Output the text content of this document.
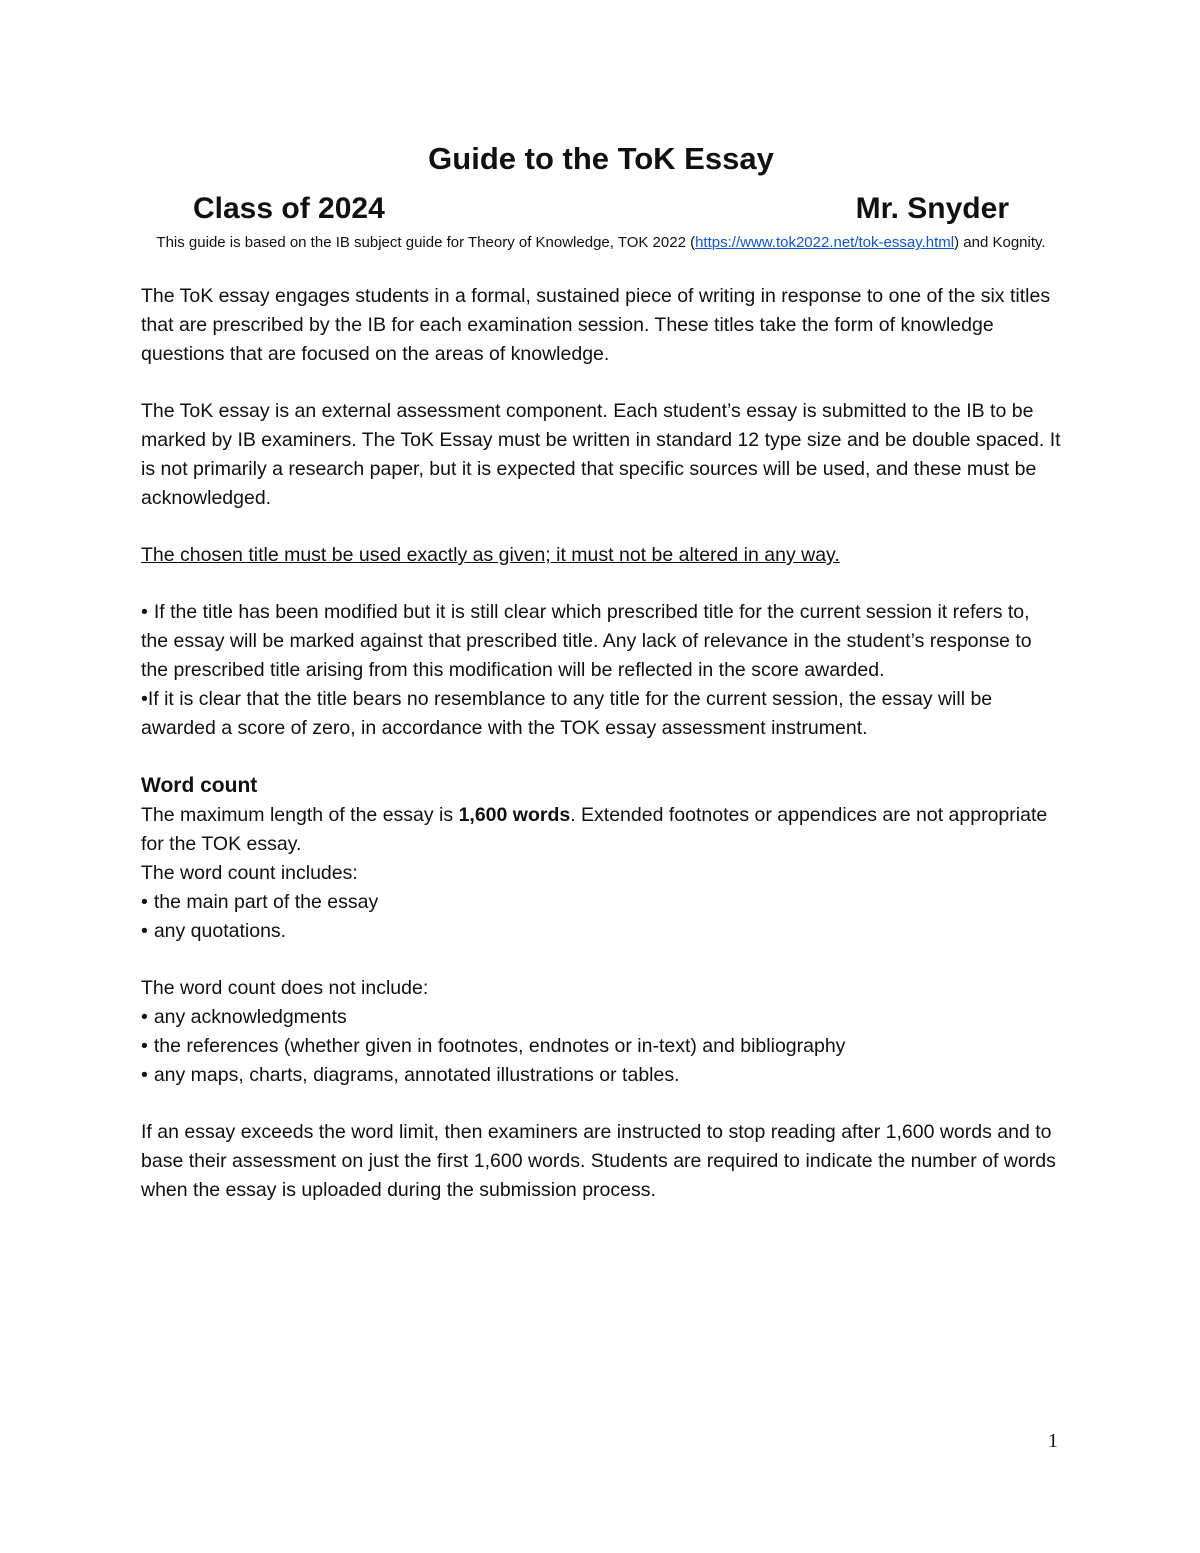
Guide to the ToK Essay
Class of 2024	Mr. Snyder
This guide is based on the IB subject guide for Theory of Knowledge, TOK 2022 (https://www.tok2022.net/tok-essay.html) and Kognity.

The ToK essay engages students in a formal, sustained piece of writing in response to one of the six titles that are prescribed by the IB for each examination session. These titles take the form of knowledge questions that are focused on the areas of knowledge.

The ToK essay is an external assessment component. Each student’s essay is submitted to the IB to be marked by IB examiners. The ToK Essay must be written in standard 12 type size and be double spaced. It is not primarily a research paper, but it is expected that specific sources will be used, and these must be acknowledged.

The chosen title must be used exactly as given; it must not be altered in any way.

• If the title has been modified but it is still clear which prescribed title for the current session it refers to, the essay will be marked against that prescribed title. Any lack of relevance in the student’s response to the prescribed title arising from this modification will be reflected in the score awarded.

•If it is clear that the title bears no resemblance to any title for the current session, the essay will be awarded a score of zero, in accordance with the TOK essay assessment instrument.

Word count

The maximum length of the essay is 1,600 words. Extended footnotes or appendices are not appropriate for the TOK essay.

The word count includes:

• the main part of the essay
• any quotations.

The word count does not include:

• any acknowledgments
• the references (whether given in footnotes, endnotes or in-text) and bibliography
• any maps, charts, diagrams, annotated illustrations or tables.

If an essay exceeds the word limit, then examiners are instructed to stop reading after 1,600 words and to base their assessment on just the first 1,600 words. Students are required to indicate the number of words when the essay is uploaded during the submission process.

1
